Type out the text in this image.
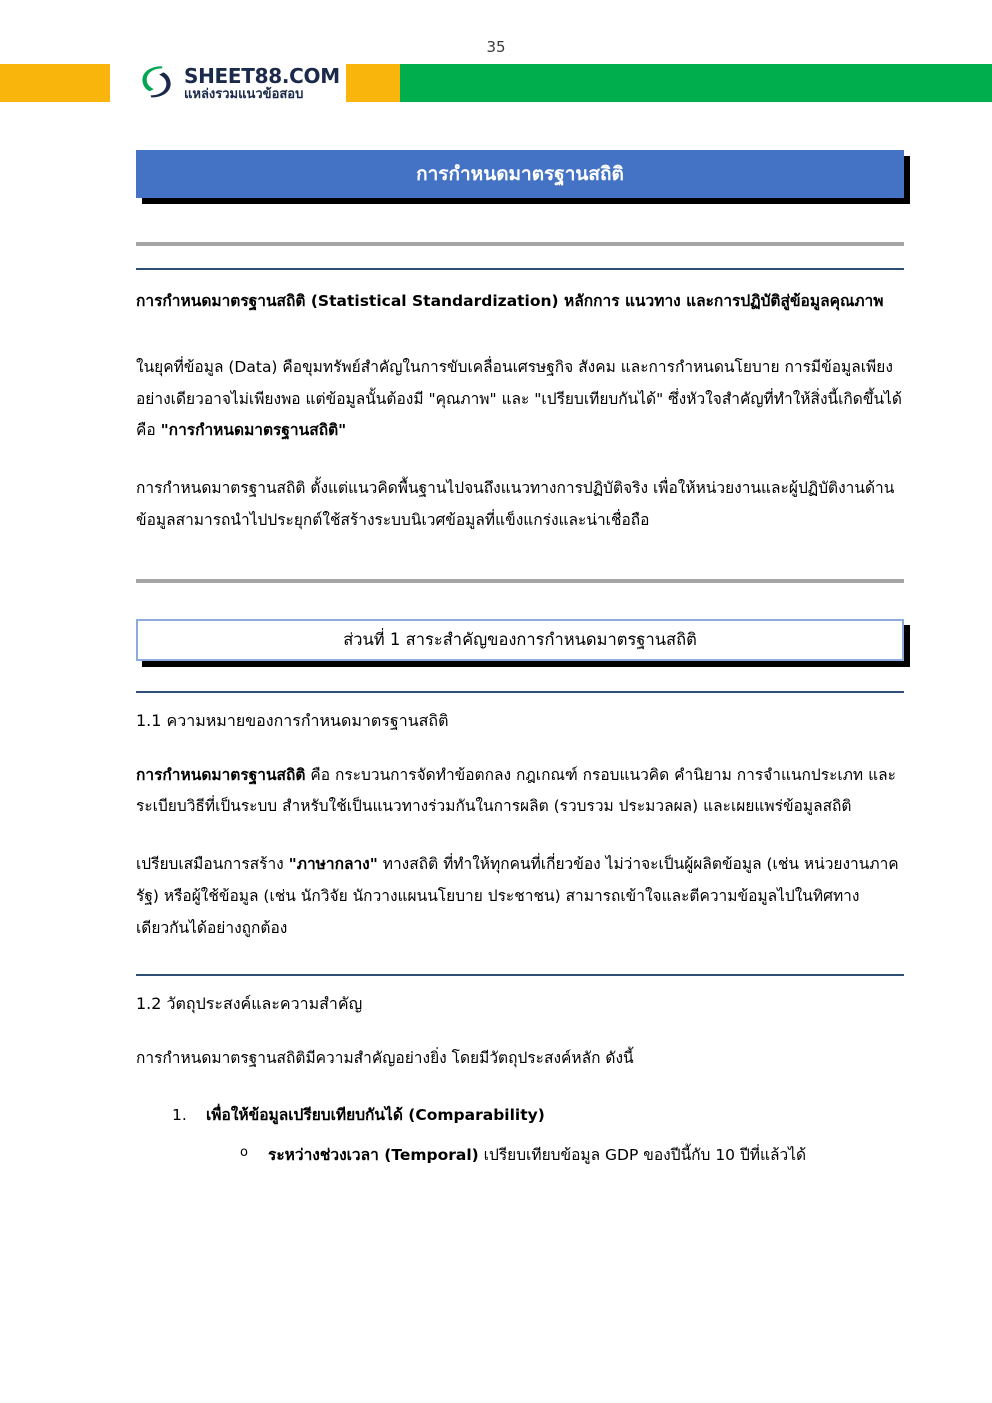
35
SHEET88.COM
แหล่งรวมแนวข้อสอบ
การกำหนดมาตรฐานสถิติ

การกำหนดมาตรฐานสถิติ (Statistical Standardization) หลักการ แนวทาง และการปฏิบัติสู่ข้อมูลคุณภาพ

ในยุคที่ข้อมูล (Data) คือขุมทรัพย์สำคัญในการขับเคลื่อนเศรษฐกิจ สังคม และการกำหนดนโยบาย การมีข้อมูลเพียงอย่างเดียวอาจไม่เพียงพอ แต่ข้อมูลนั้นต้องมี "คุณภาพ" และ "เปรียบเทียบกันได้" ซึ่งหัวใจสำคัญที่ทำให้สิ่งนี้เกิดขึ้นได้คือ "การกำหนดมาตรฐานสถิติ"

การกำหนดมาตรฐานสถิติ ตั้งแต่แนวคิดพื้นฐานไปจนถึงแนวทางการปฏิบัติจริง เพื่อให้หน่วยงานและผู้ปฏิบัติงานด้านข้อมูลสามารถนำไปประยุกต์ใช้สร้างระบบนิเวศข้อมูลที่แข็งแกร่งและน่าเชื่อถือ

ส่วนที่ 1 สาระสำคัญของการกำหนดมาตรฐานสถิติ
1.1 ความหมายของการกำหนดมาตรฐานสถิติ

การกำหนดมาตรฐานสถิติ คือ กระบวนการจัดทำข้อตกลง กฎเกณฑ์ กรอบแนวคิด คำนิยาม การจำแนกประเภท และระเบียบวิธีที่เป็นระบบ สำหรับใช้เป็นแนวทางร่วมกันในการผลิต (รวบรวม ประมวลผล) และเผยแพร่ข้อมูลสถิติ

เปรียบเสมือนการสร้าง "ภาษากลาง" ทางสถิติ ที่ทำให้ทุกคนที่เกี่ยวข้อง ไม่ว่าจะเป็นผู้ผลิตข้อมูล (เช่น หน่วยงานภาครัฐ) หรือผู้ใช้ข้อมูล (เช่น นักวิจัย นักวางแผนนโยบาย ประชาชน) สามารถเข้าใจและตีความข้อมูลไปในทิศทางเดียวกันได้อย่างถูกต้อง

1.2 วัตถุประสงค์และความสำคัญ

การกำหนดมาตรฐานสถิติมีความสำคัญอย่างยิ่ง โดยมีวัตถุประสงค์หลัก ดังนี้

1. เพื่อให้ข้อมูลเปรียบเทียบกันได้ (Comparability)
o ระหว่างช่วงเวลา (Temporal) เปรียบเทียบข้อมูล GDP ของปีนี้กับ 10 ปีที่แล้วได้
